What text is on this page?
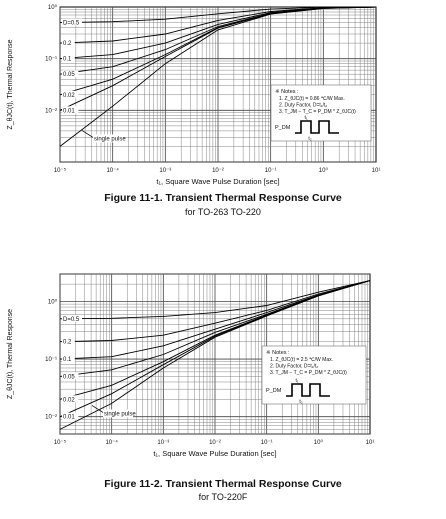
10⁻⁵	10⁻⁴	10⁻³	10⁻²	10⁻¹	10⁰	10¹
10⁰
10⁻¹
10⁻²
t₁, Square Wave Pulse Duration [sec]
Z_θJC(t), Thermal Response
D=0.5
0.2
0.1
0.05
0.02
0.01
single pulse
※ Notes :
1. Z_θJC(t) = 0.86 ℃/W Max.
2. Duty Factor, D=t₁/t₂
3. T_JM − T_C = P_DM * Z_θJC(t)
P_DM
t₁
t₂
Figure 11-1. Transient Thermal Response Curve
for TO-263 TO-220
10⁻⁵	10⁻⁴	10⁻³	10⁻²	10⁻¹	10⁰	10¹
10⁰
10⁻¹
10⁻²
t₁, Square Wave Pulse Duration [sec]
Z_θJC(t), Thermal Response	D=0.5
0.2
0.1
0.05
0.02
0.01
single pulse
※ Notes :
1. Z_θJC(t) = 2.5 ℃/W Max.
2. Duty Factor, D=t₁/t₂
3. T_JM − T_C = P_DM * Z_θJC(t)
P_DM
t₁
t₂
Figure 11-2. Transient Thermal Response Curve
for TO-220F
